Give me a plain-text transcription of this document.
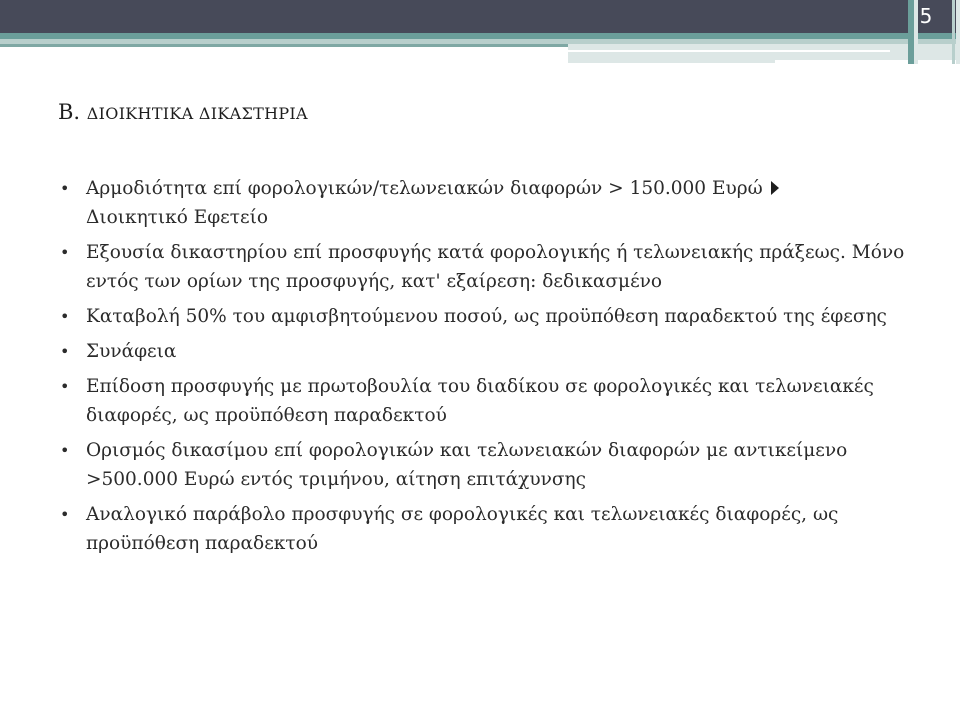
5
Β. ΔΙΟΙΚΗΤΙΚΑ ΔΙΚΑΣΤΗΡΙΑ
• Αρμοδιότητα επί φορολογικών/τελωνειακών διαφορών > 150.000 Ευρώ
Διοικητικό Εφετείο
• Εξουσία δικαστηρίου επί προσφυγής κατά φορολογικής ή τελωνειακής πράξεως. Μόνο εντός των ορίων της προσφυγής, κατ' εξαίρεση: δεδικασμένο
• Καταβολή 50% του αμφισβητούμενου ποσού, ως προϋπόθεση παραδεκτού της έφεσης
• Συνάφεια
• Επίδοση προσφυγής με πρωτοβουλία του διαδίκου σε φορολογικές και τελωνειακές διαφορές, ως προϋπόθεση παραδεκτού
• Ορισμός δικασίμου επί φορολογικών και τελωνειακών διαφορών με αντικείμενο >500.000 Ευρώ εντός τριμήνου, αίτηση επιτάχυνσης
• Αναλογικό παράβολο προσφυγής σε φορολογικές και τελωνειακές διαφορές, ως προϋπόθεση παραδεκτού
